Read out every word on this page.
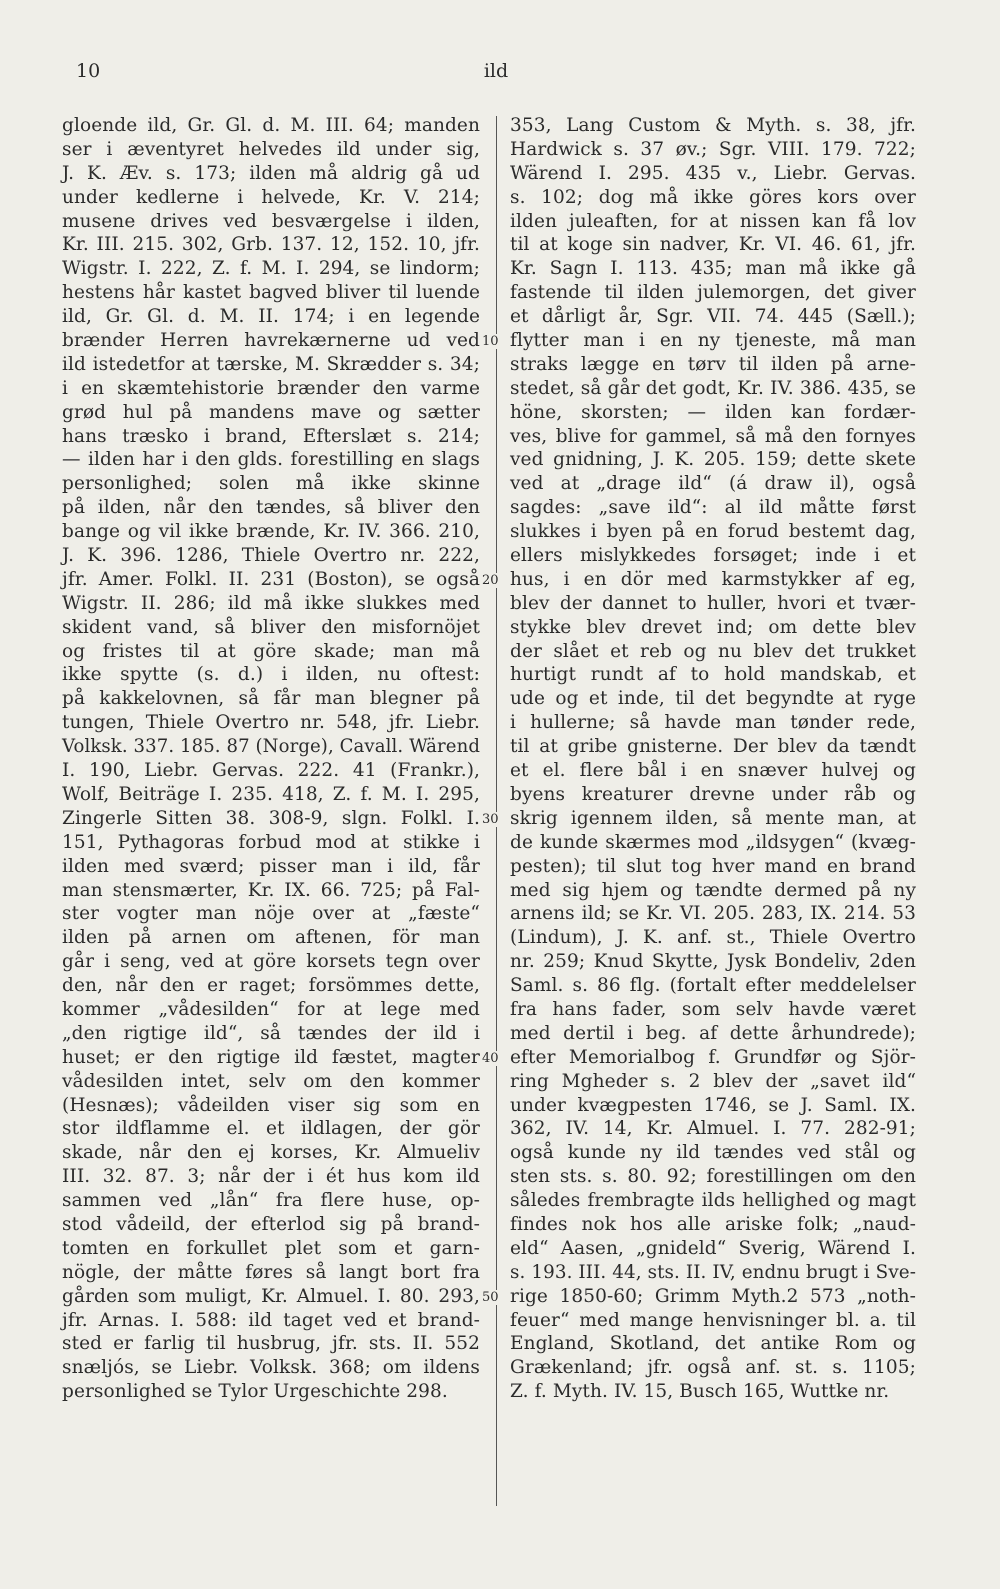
10	ild
gloende ild, Gr. Gl. d. M. III. 64; manden
ser i æventyret helvedes ild under sig,
J. K. Æv. s. 173; ilden må aldrig gå ud
under kedlerne i helvede, Kr. V. 214;
musene drives ved besværgelse i ilden,
Kr. III. 215. 302, Grb. 137. 12, 152. 10, jfr.
Wigstr. I. 222, Z. f. M. I. 294, se lindorm;
hestens hår kastet bagved bliver til luende
ild, Gr. Gl. d. M. II. 174; i en legende
brænder Herren havrekærnerne ud ved
ild istedetfor at tærske, M. Skrædder s. 34;
i en skæmtehistorie brænder den varme
grød hul på mandens mave og sætter
hans træsko i brand, Efterslæt s. 214;
— ilden har i den glds. forestilling en slags
personlighed; solen må ikke skinne
på ilden, når den tændes, så bliver den
bange og vil ikke brænde, Kr. IV. 366. 210,
J. K. 396. 1286, Thiele Overtro nr. 222,
jfr. Amer. Folkl. II. 231 (Boston), se også
Wigstr. II. 286; ild må ikke slukkes med
skident vand, så bliver den misfornöjet
og fristes til at göre skade; man må
ikke spytte (s. d.) i ilden, nu oftest:
på kakkelovnen, så får man blegner på
tungen, Thiele Overtro nr. 548, jfr. Liebr.
Volksk. 337. 185. 87 (Norge), Cavall. Wärend
I. 190, Liebr. Gervas. 222. 41 (Frankr.),
Wolf, Beiträge I. 235. 418, Z. f. M. I. 295,
Zingerle Sitten 38. 308-9, slgn. Folkl. I.
151, Pythagoras forbud mod at stikke i
ilden med sværd; pisser man i ild, får
man stensmærter, Kr. IX. 66. 725; på Fal-
ster vogter man nöje over at „fæste“
ilden på arnen om aftenen, för man
går i seng, ved at göre korsets tegn over
den, når den er raget; forsömmes dette,
kommer „vådesilden“ for at lege med
„den rigtige ild“, så tændes der ild i
huset; er den rigtige ild fæstet, magter
vådesilden intet, selv om den kommer
(Hesnæs); vådeilden viser sig som en
stor ildflamme el. et ildlagen, der gör
skade, når den ej korses, Kr. Almueliv
III. 32. 87. 3; når der i ét hus kom ild
sammen ved „lån“ fra flere huse, op-
stod vådeild, der efterlod sig på brand-
tomten en forkullet plet som et garn-
nögle, der måtte føres så langt bort fra
gården som muligt, Kr. Almuel. I. 80. 293,
jfr. Arnas. I. 588: ild taget ved et brand-
sted er farlig til husbrug, jfr. sts. II. 552
snæljós, se Liebr. Volksk. 368; om ildens
personlighed se Tylor Urgeschichte 298.
10
20
30
40
50
353, Lang Custom & Myth. s. 38, jfr.
Hardwick s. 37 øv.; Sgr. VIII. 179. 722;
Wärend I. 295. 435 v., Liebr. Gervas.
s. 102; dog må ikke göres kors over
ilden juleaften, for at nissen kan få lov
til at koge sin nadver, Kr. VI. 46. 61, jfr.
Kr. Sagn I. 113. 435; man må ikke gå
fastende til ilden julemorgen, det giver
et dårligt år, Sgr. VII. 74. 445 (Sæll.);
flytter man i en ny tjeneste, må man
straks lægge en tørv til ilden på arne-
stedet, så går det godt, Kr. IV. 386. 435, se
höne, skorsten; — ilden kan fordær-
ves, blive for gammel, så må den fornyes
ved gnidning, J. K. 205. 159; dette skete
ved at „drage ild“ (á draw il), også
sagdes: „save ild“: al ild måtte først
slukkes i byen på en forud bestemt dag,
ellers mislykkedes forsøget; inde i et
hus, i en dör med karmstykker af eg,
blev der dannet to huller, hvori et tvær-
stykke blev drevet ind; om dette blev
der slået et reb og nu blev det trukket
hurtigt rundt af to hold mandskab, et
ude og et inde, til det begyndte at ryge
i hullerne; så havde man tønder rede,
til at gribe gnisterne. Der blev da tændt
et el. flere bål i en snæver hulvej og
byens kreaturer drevne under råb og
skrig igennem ilden, så mente man, at
de kunde skærmes mod „ildsygen“ (kvæg-
pesten); til slut tog hver mand en brand
med sig hjem og tændte dermed på ny
arnens ild; se Kr. VI. 205. 283, IX. 214. 53
(Lindum), J. K. anf. st., Thiele Overtro
nr. 259; Knud Skytte, Jysk Bondeliv, 2den
Saml. s. 86 flg. (fortalt efter meddelelser
fra hans fader, som selv havde været
med dertil i beg. af dette århundrede);
efter Memorialbog f. Grundfør og Sjör-
ring Mgheder s. 2 blev der „savet ild“
under kvægpesten 1746, se J. Saml. IX.
362, IV. 14, Kr. Almuel. I. 77. 282-91;
også kunde ny ild tændes ved stål og
sten sts. s. 80. 92; forestillingen om den
således frembragte ilds hellighed og magt
findes nok hos alle ariske folk; „naud-
eld“ Aasen, „gnideld“ Sverig, Wärend I.
s. 193. III. 44, sts. II. IV, endnu brugt i Sve-
rige 1850-60; Grimm Myth.2 573 „noth-
feuer“ med mange henvisninger bl. a. til
England, Skotland, det antike Rom og
Grækenland; jfr. også anf. st. s. 1105;
Z. f. Myth. IV. 15, Busch 165, Wuttke nr.
